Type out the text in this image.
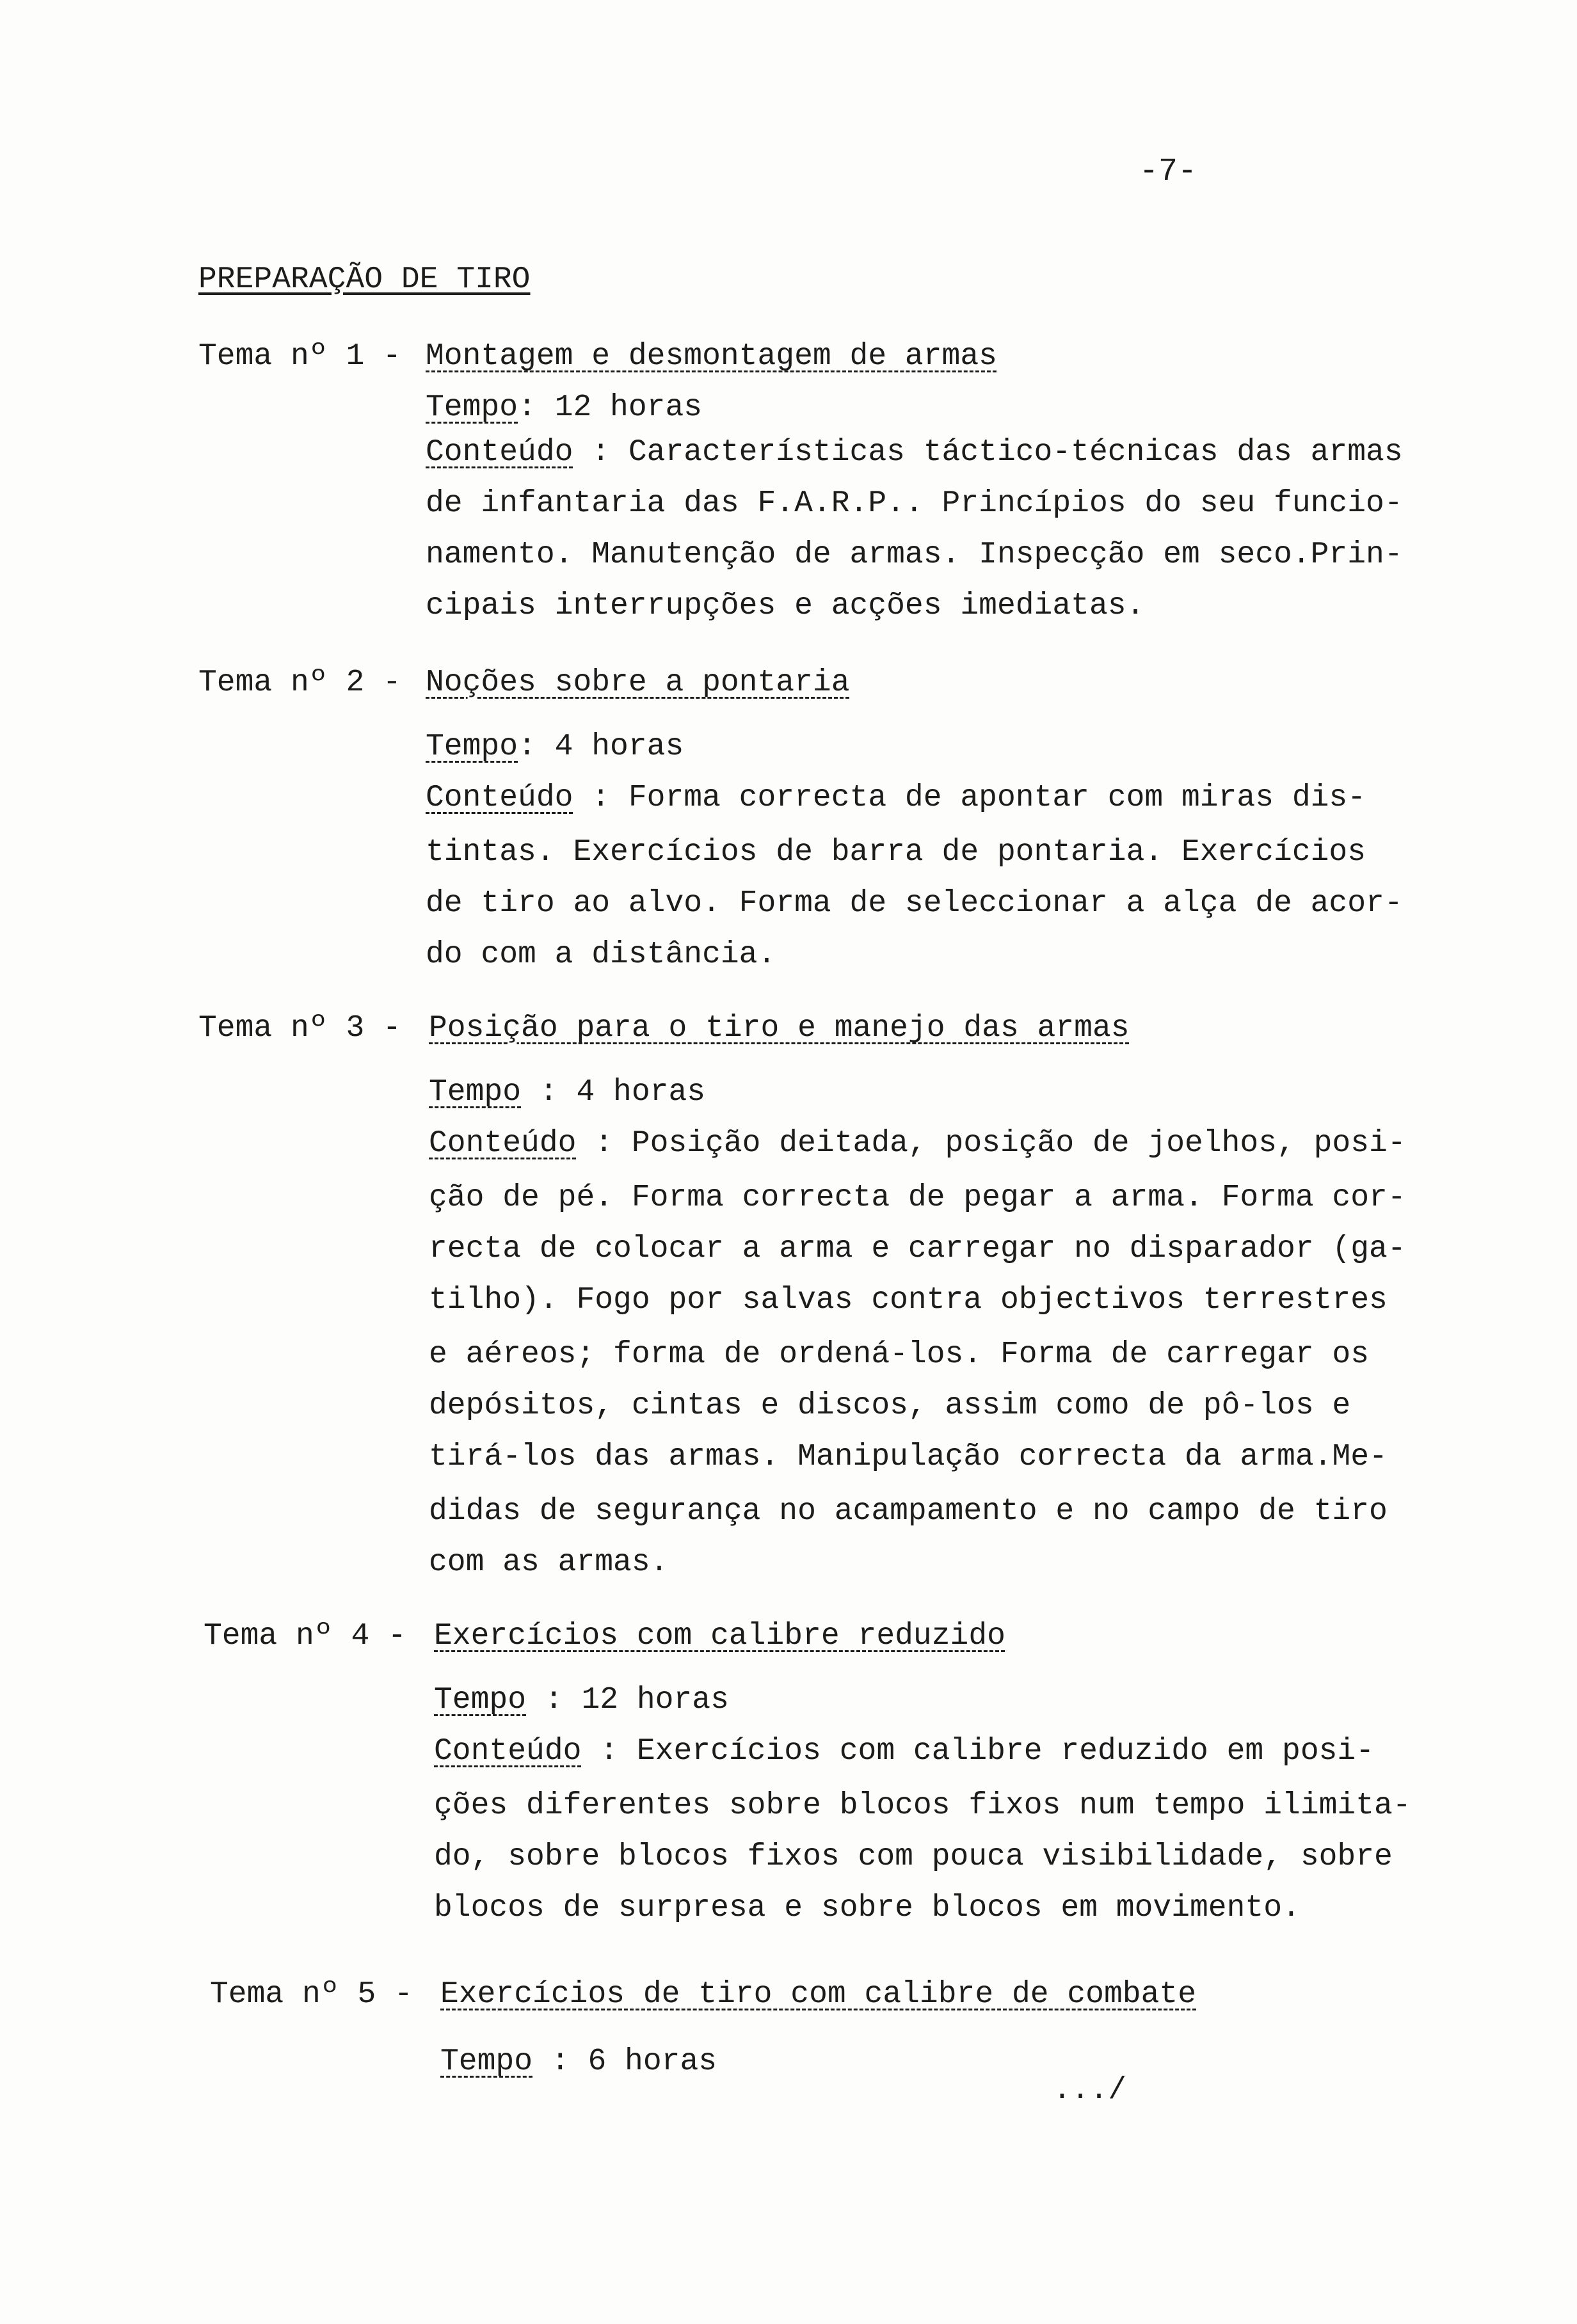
-7-
PREPARAÇÃO DE TIRO
Tema nº 1 - Montagem e desmontagem de armas
Tempo: 12 horas
Conteúdo : Características táctico-técnicas das armas
de infantaria das F.A.R.P.. Princípios do seu funcio-
namento. Manutenção de armas. Inspecção em seco.Prin-
cipais interrupções e acções imediatas.
Tema nº 2 - Noções sobre a pontaria
Tempo: 4 horas
Conteúdo : Forma correcta de apontar com miras dis-
tintas. Exercícios de barra de pontaria. Exercícios
de tiro ao alvo. Forma de seleccionar a alça de acor-
do com a distância.
Tema nº 3 - Posição para o tiro e manejo das armas
Tempo : 4 horas
Conteúdo : Posição deitada, posição de joelhos, posi-
ção de pé. Forma correcta de pegar a arma. Forma cor-
recta de colocar a arma e carregar no disparador (ga-
tilho). Fogo por salvas contra objectivos terrestres
e aéreos; forma de ordená-los. Forma de carregar os
depósitos, cintas e discos, assim como de pô-los e
tirá-los das armas. Manipulação correcta da arma.Me-
didas de segurança no acampamento e no campo de tiro
com as armas.
Tema nº 4 - Exercícios com calibre reduzido
Tempo : 12 horas
Conteúdo : Exercícios com calibre reduzido em posi-
ções diferentes sobre blocos fixos num tempo ilimita-
do, sobre blocos fixos com pouca visibilidade, sobre
blocos de surpresa e sobre blocos em movimento.
Tema nº 5 - Exercícios de tiro com calibre de combate
Tempo : 6 horas
.../
